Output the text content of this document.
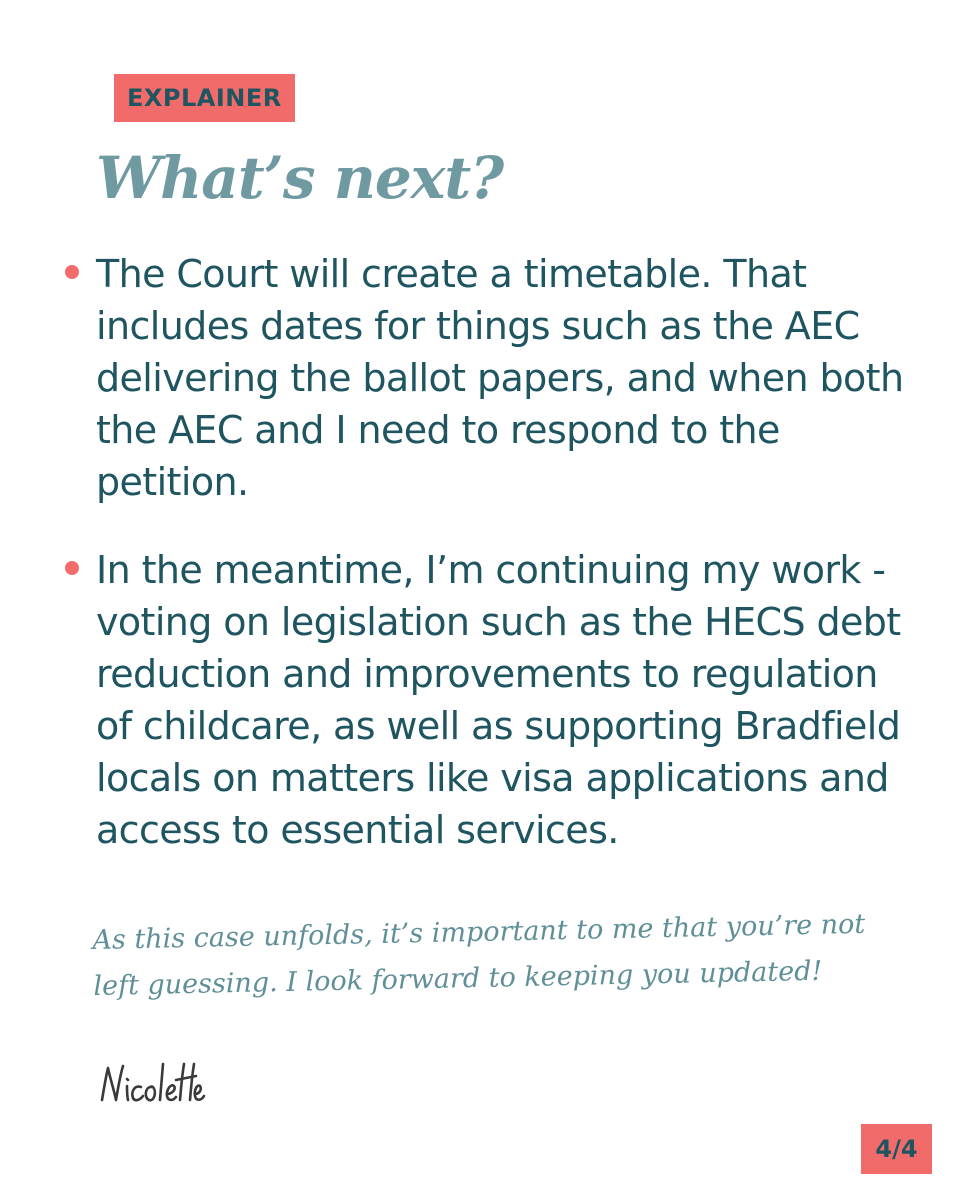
EXPLAINER
What’s next?
The Court will create a timetable. That includes dates for things such as the AEC delivering the ballot papers, and when both the AEC and I need to respond to the petition.
In the meantime, I’m continuing my work - voting on legislation such as the HECS debt reduction and improvements to regulation of childcare, as well as supporting Bradfield locals on matters like visa applications and access to essential services.

As this case unfolds, it’s important to me that you’re not
left guessing. I look forward to keeping you updated!

4/4
